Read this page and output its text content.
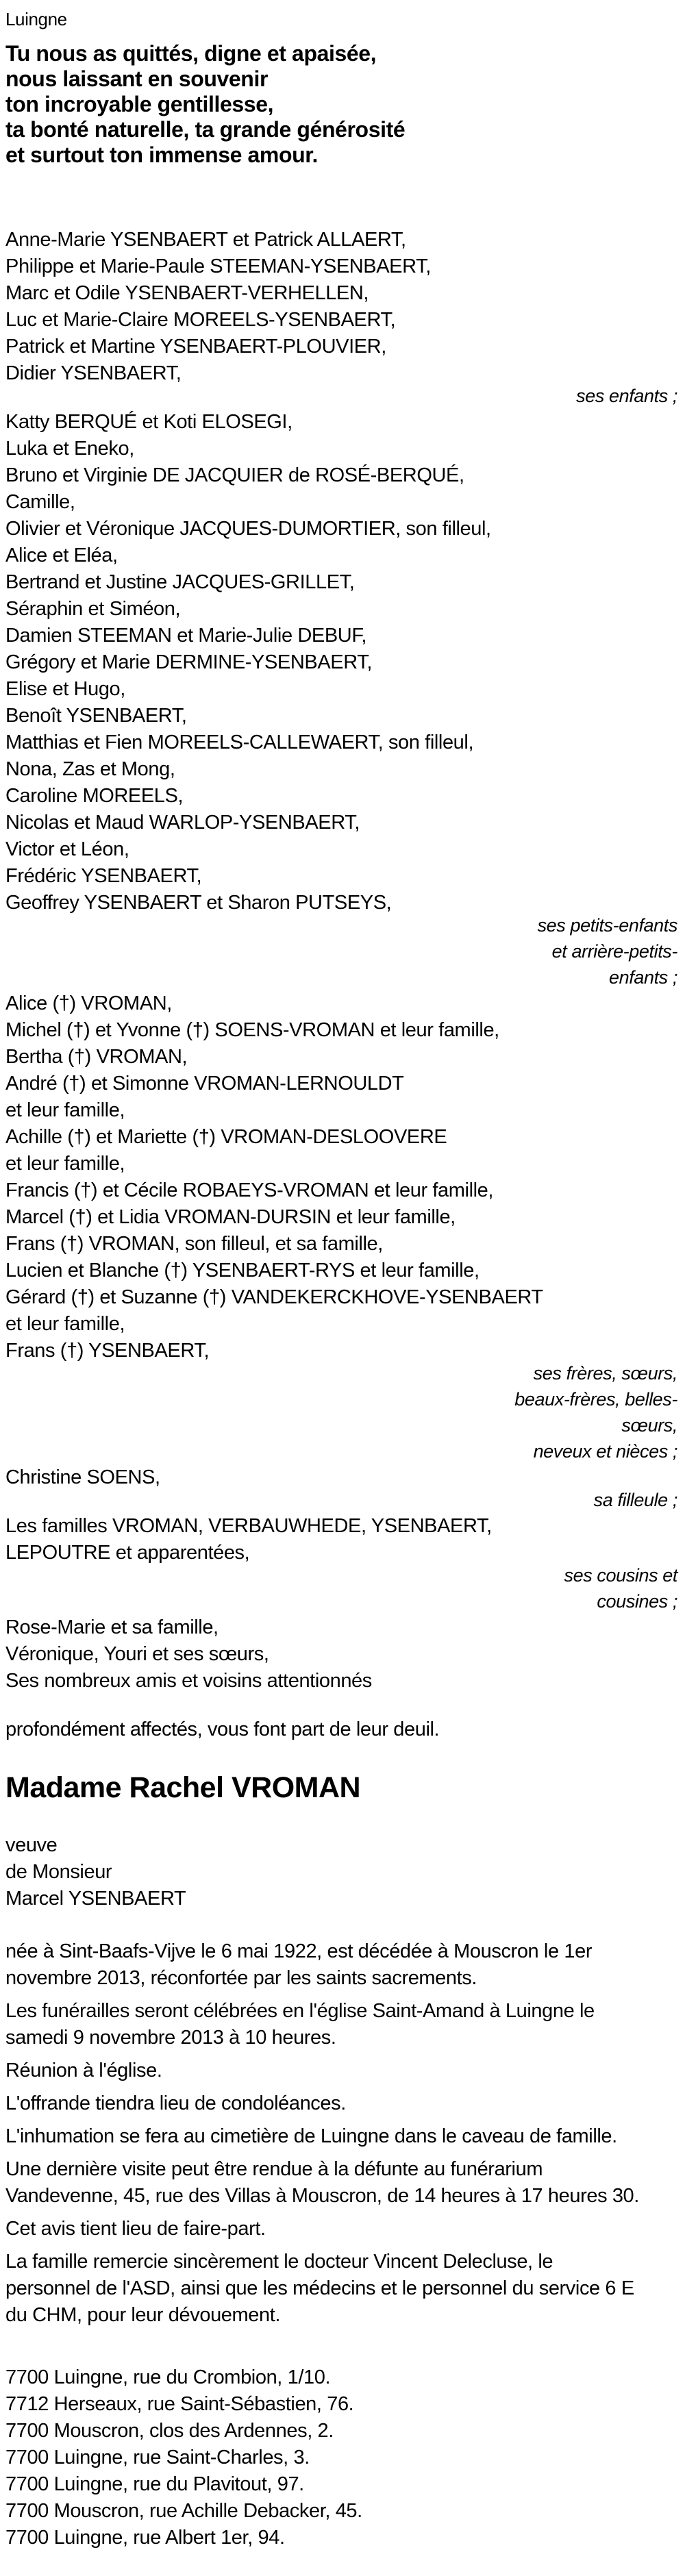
Luingne
Tu nous as quittés, digne et apaisée,
nous laissant en souvenir
ton incroyable gentillesse,
ta bonté naturelle, ta grande générosité
et surtout ton immense amour.

Anne-Marie YSENBAERT et Patrick ALLAERT,
Philippe et Marie-Paule STEEMAN-YSENBAERT,
Marc et Odile YSENBAERT-VERHELLEN,
Luc et Marie-Claire MOREELS-YSENBAERT,
Patrick et Martine YSENBAERT-PLOUVIER,
Didier YSENBAERT,

ses enfants ;

Katty BERQUÉ et Koti ELOSEGI,
Luka et Eneko,
Bruno et Virginie DE JACQUIER de ROSÉ-BERQUÉ,
Camille,
Olivier et Véronique JACQUES-DUMORTIER, son filleul,
Alice et Eléa,
Bertrand et Justine JACQUES-GRILLET,
Séraphin et Siméon,
Damien STEEMAN et Marie-Julie DEBUF,
Grégory et Marie DERMINE-YSENBAERT,
Elise et Hugo,
Benoît YSENBAERT,
Matthias et Fien MOREELS-CALLEWAERT, son filleul,
Nona, Zas et Mong,
Caroline MOREELS,
Nicolas et Maud WARLOP-YSENBAERT,
Victor et Léon,
Frédéric YSENBAERT,
Geoffrey YSENBAERT et Sharon PUTSEYS,

ses petits-enfants
et arrière-petits-
enfants ;

Alice (†) VROMAN,
Michel (†) et Yvonne (†) SOENS-VROMAN et leur famille,
Bertha (†) VROMAN,
André (†) et Simonne VROMAN-LERNOULDT
et leur famille,
Achille (†) et Mariette (†) VROMAN-DESLOOVERE
et leur famille,
Francis (†) et Cécile ROBAEYS-VROMAN et leur famille,
Marcel (†) et Lidia VROMAN-DURSIN et leur famille,
Frans (†) VROMAN, son filleul, et sa famille,
Lucien et Blanche (†) YSENBAERT-RYS et leur famille,
Gérard (†) et Suzanne (†) VANDEKERCKHOVE-YSENBAERT
et leur famille,
Frans (†) YSENBAERT,

ses frères, sœurs,
beaux-frères, belles-
sœurs,
neveux et nièces ;

Christine SOENS,

sa filleule ;

Les familles VROMAN, VERBAUWHEDE, YSENBAERT,
LEPOUTRE et apparentées,

ses cousins et
cousines ;

Rose-Marie et sa famille,
Véronique, Youri et ses sœurs,
Ses nombreux amis et voisins attentionnés

profondément affectés, vous font part de leur deuil.

Madame Rachel VROMAN

veuve
de Monsieur
Marcel YSENBAERT

née à Sint-Baafs-Vijve le 6 mai 1922, est décédée à Mouscron le 1er
novembre 2013, réconfortée par les saints sacrements.

Les funérailles seront célébrées en l'église Saint-Amand à Luingne le
samedi 9 novembre 2013 à 10 heures.

Réunion à l'église.

L'offrande tiendra lieu de condoléances.

L'inhumation se fera au cimetière de Luingne dans le caveau de famille.

Une dernière visite peut être rendue à la défunte au funérarium
Vandevenne, 45, rue des Villas à Mouscron, de 14 heures à 17 heures 30.

Cet avis tient lieu de faire-part.

La famille remercie sincèrement le docteur Vincent Delecluse, le
personnel de l'ASD, ainsi que les médecins et le personnel du service 6 E
du CHM, pour leur dévouement.

7700 Luingne, rue du Crombion, 1/10.
7712 Herseaux, rue Saint-Sébastien, 76.
7700 Mouscron, clos des Ardennes, 2.
7700 Luingne, rue Saint-Charles, 3.
7700 Luingne, rue du Plavitout, 97.
7700 Mouscron, rue Achille Debacker, 45.
7700 Luingne, rue Albert 1er, 94.
